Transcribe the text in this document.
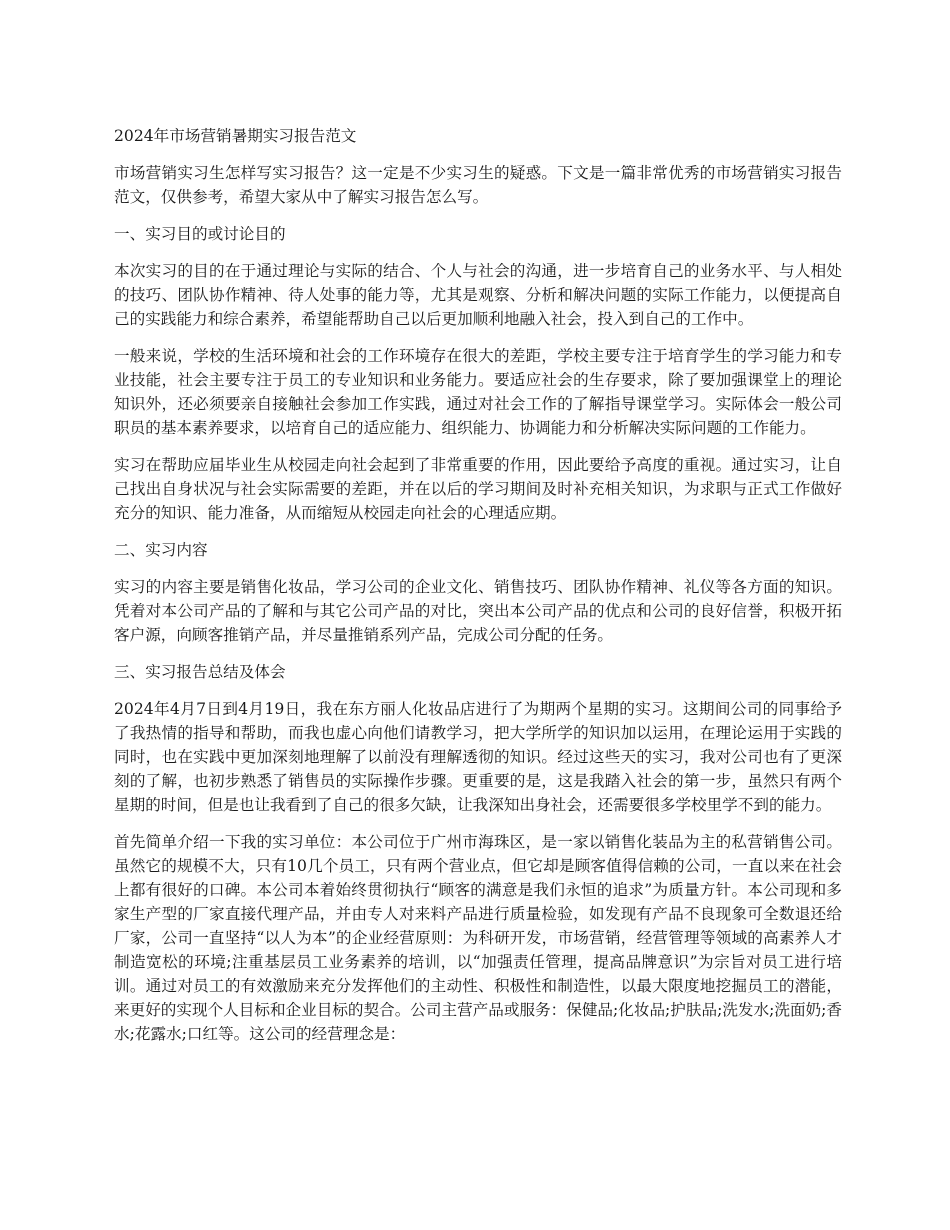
2024年市场营销暑期实习报告范文

市场营销实习生怎样写实习报告？这一定是不少实习生的疑惑。下文是一篇非常优秀的市场营销实习报告范文，仅供参考，希望大家从中了解实习报告怎么写。

一、实习目的或讨论目的

本次实习的目的在于通过理论与实际的结合、个人与社会的沟通，进一步培育自己的业务水平、与人相处的技巧、团队协作精神、待人处事的能力等，尤其是观察、分析和解决问题的实际工作能力，以便提高自己的实践能力和综合素养，希望能帮助自己以后更加顺利地融入社会，投入到自己的工作中。

一般来说，学校的生活环境和社会的工作环境存在很大的差距，学校主要专注于培育学生的学习能力和专业技能，社会主要专注于员工的专业知识和业务能力。要适应社会的生存要求，除了要加强课堂上的理论知识外，还必须要亲自接触社会参加工作实践，通过对社会工作的了解指导课堂学习。实际体会一般公司职员的基本素养要求，以培育自己的适应能力、组织能力、协调能力和分析解决实际问题的工作能力。

实习在帮助应届毕业生从校园走向社会起到了非常重要的作用，因此要给予高度的重视。通过实习，让自己找出自身状况与社会实际需要的差距，并在以后的学习期间及时补充相关知识，为求职与正式工作做好充分的知识、能力准备，从而缩短从校园走向社会的心理适应期。

二、实习内容

实习的内容主要是销售化妆品，学习公司的企业文化、销售技巧、团队协作精神、礼仪等各方面的知识。凭着对本公司产品的了解和与其它公司产品的对比，突出本公司产品的优点和公司的良好信誉，积极开拓客户源，向顾客推销产品，并尽量推销系列产品，完成公司分配的任务。

三、实习报告总结及体会

2024年4月7日到4月19日，我在东方丽人化妆品店进行了为期两个星期的实习。这期间公司的同事给予了我热情的指导和帮助，而我也虚心向他们请教学习，把大学所学的知识加以运用，在理论运用于实践的同时，也在实践中更加深刻地理解了以前没有理解透彻的知识。经过这些天的实习，我对公司也有了更深刻的了解，也初步熟悉了销售员的实际操作步骤。更重要的是，这是我踏入社会的第一步，虽然只有两个星期的时间，但是也让我看到了自己的很多欠缺，让我深知出身社会，还需要很多学校里学不到的能力。

首先简单介绍一下我的实习单位：本公司位于广州市海珠区，是一家以销售化装品为主的私营销售公司。虽然它的规模不大，只有10几个员工，只有两个营业点，但它却是顾客值得信赖的公司，一直以来在社会上都有很好的口碑。本公司本着始终贯彻执行“顾客的满意是我们永恒的追求”为质量方针。本公司现和多家生产型的厂家直接代理产品，并由专人对来料产品进行质量检验，如发现有产品不良现象可全数退还给厂家，公司一直坚持“以人为本”的企业经营原则：为科研开发，市场营销，经营管理等领域的高素养人才制造宽松的环境;注重基层员工业务素养的培训，以“加强责任管理，提高品牌意识”为宗旨对员工进行培训。通过对员工的有效激励来充分发挥他们的主动性、积极性和制造性，以最大限度地挖掘员工的潜能，来更好的实现个人目标和企业目标的契合。公司主营产品或服务：保健品;化妆品;护肤品;洗发水;洗面奶;香水;花露水;口红等。这公司的经营理念是：
